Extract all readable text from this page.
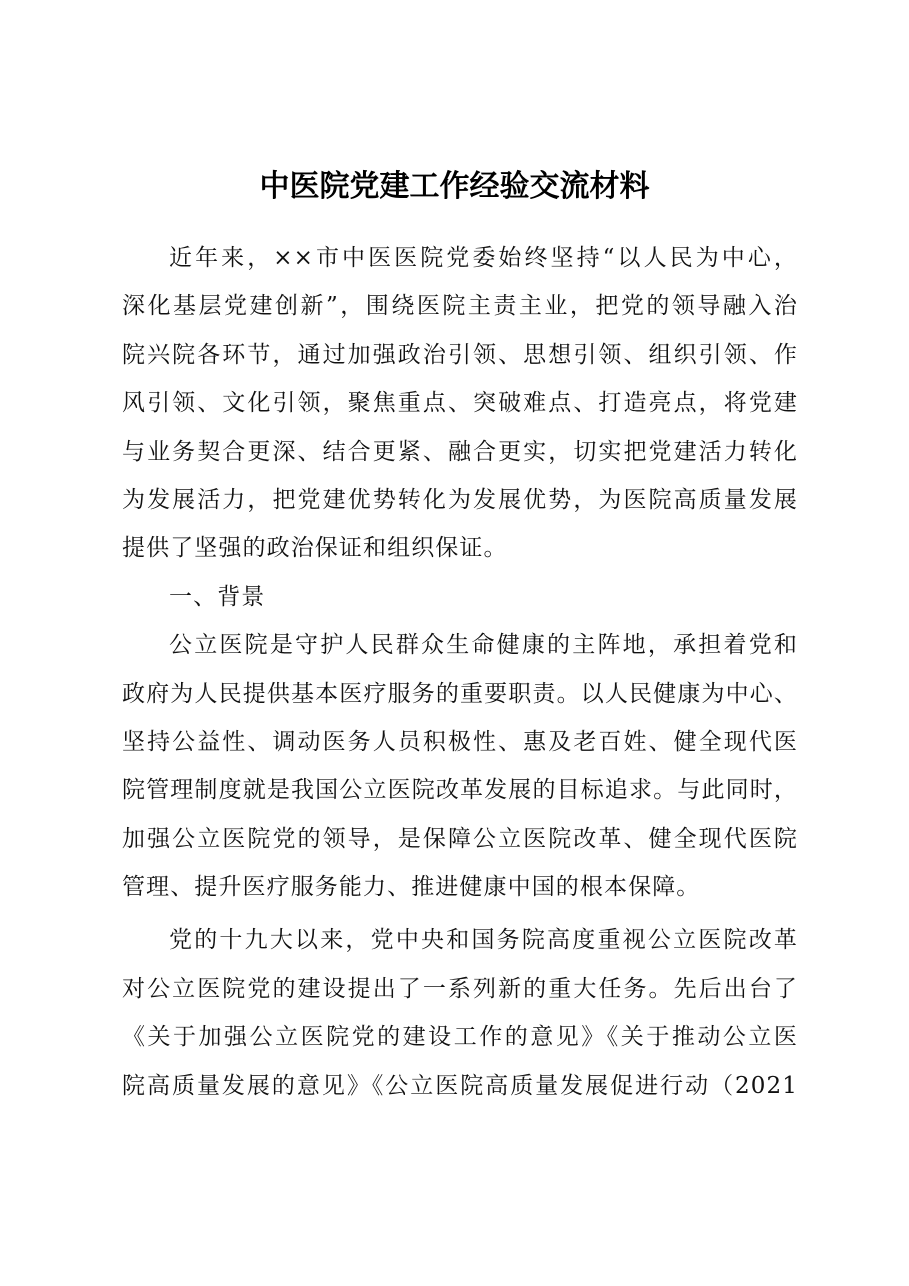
中医院党建工作经验交流材料
近年来，××市中医医院党委始终坚持“以人民为中心，
深化基层党建创新”，围绕医院主责主业，把党的领导融入治
院兴院各环节，通过加强政治引领、思想引领、组织引领、作
风引领、文化引领，聚焦重点、突破难点、打造亮点，将党建
与业务契合更深、结合更紧、融合更实，切实把党建活力转化
为发展活力，把党建优势转化为发展优势，为医院高质量发展
提供了坚强的政治保证和组织保证。
一、背景
公立医院是守护人民群众生命健康的主阵地，承担着党和
政府为人民提供基本医疗服务的重要职责。以人民健康为中心、
坚持公益性、调动医务人员积极性、惠及老百姓、健全现代医
院管理制度就是我国公立医院改革发展的目标追求。与此同时，
加强公立医院党的领导，是保障公立医院改革、健全现代医院
管理、提升医疗服务能力、推进健康中国的根本保障。
党的十九大以来，党中央和国务院高度重视公立医院改革
对公立医院党的建设提出了一系列新的重大任务。先后出台了
《关于加强公立医院党的建设工作的意见》《关于推动公立医
院高质量发展的意见》《公立医院高质量发展促进行动（2021
